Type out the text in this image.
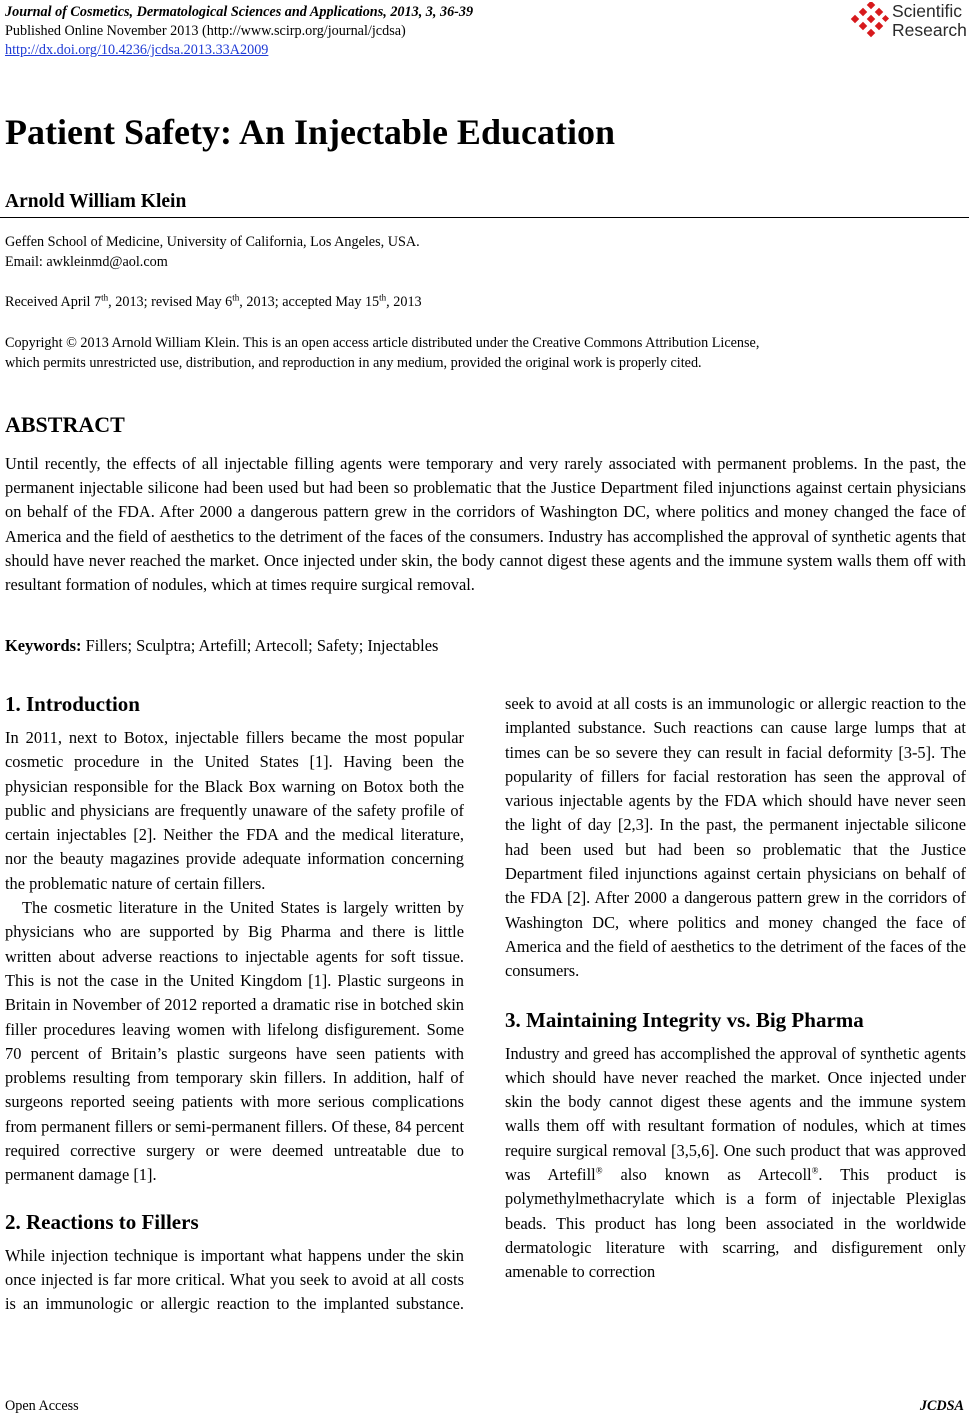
Journal of Cosmetics, Dermatological Sciences and Applications, 2013, 3, 36-39
Published Online November 2013 (http://www.scirp.org/journal/jcdsa)
http://dx.doi.org/10.4236/jcdsa.2013.33A2009
Scientific
Research
Patient Safety: An Injectable Education
Arnold William Klein
Geffen School of Medicine, University of California, Los Angeles, USA.
Email: awkleinmd@aol.com
Received April 7th, 2013; revised May 6th, 2013; accepted May 15th, 2013
Copyright © 2013 Arnold William Klein. This is an open access article distributed under the Creative Commons Attribution License,
which permits unrestricted use, distribution, and reproduction in any medium, provided the original work is properly cited.
ABSTRACT
Until recently, the effects of all injectable filling agents were temporary and very rarely associated with permanent problems. In the past, the permanent injectable silicone had been used but had been so problematic that the Justice Department filed injunctions against certain physicians on behalf of the FDA. After 2000 a dangerous pattern grew in the corridors of Washington DC, where politics and money changed the face of America and the field of aesthetics to the detriment of the faces of the consumers. Industry has accomplished the approval of synthetic agents that should have never reached the market. Once injected under skin, the body cannot digest these agents and the immune system walls them off with resultant formation of nodules, which at times require surgical removal.
Keywords: Fillers; Sculptra; Artefill; Artecoll; Safety; Injectables
1. Introduction

In 2011, next to Botox, injectable fillers became the most popular cosmetic procedure in the United States [1]. Having been the physician responsible for the Black Box warning on Botox both the public and physicians are frequently unaware of the safety profile of certain injectables [2]. Neither the FDA and the medical literature, nor the beauty magazines provide adequate information concerning the problematic nature of certain fillers.

The cosmetic literature in the United States is largely written by physicians who are supported by Big Pharma and there is little written about adverse reactions to injectable agents for soft tissue. This is not the case in the United Kingdom [1]. Plastic surgeons in Britain in November of 2012 reported a dramatic rise in botched skin filler procedures leaving women with lifelong disfigurement. Some 70 percent of Britain’s plastic surgeons have seen patients with problems resulting from temporary skin fillers. In addition, half of surgeons reported seeing patients with more serious complications from permanent fillers or semi-permanent fillers. Of these, 84 percent required corrective surgery or were deemed untreatable due to permanent damage [1].

2. Reactions to Fillers

While injection technique is important what happens under the skin once injected is far more critical. What you seek to avoid at all costs is an immunologic or allergic reaction to the implanted substance.

seek to avoid at all costs is an immunologic or allergic reaction to the implanted substance. Such reactions can cause large lumps that at times can be so severe they can result in facial deformity [3-5]. The popularity of fillers for facial restoration has seen the approval of various injectable agents by the FDA which should have never seen the light of day [2,3]. In the past, the permanent injectable silicone had been used but had been so problematic that the Justice Department filed injunctions against certain physicians on behalf of the FDA [2]. After 2000 a dangerous pattern grew in the corridors of Washington DC, where politics and money changed the face of America and the field of aesthetics to the detriment of the faces of the consumers.

3. Maintaining Integrity vs. Big Pharma

Industry and greed has accomplished the approval of synthetic agents which should have never reached the market. Once injected under skin the body cannot digest these agents and the immune system walls them off with resultant formation of nodules, which at times require surgical removal [3,5,6]. One such product that was approved was Artefill® also known as Artecoll®. This product is polymethylmethacrylate which is a form of injectable Plexiglas beads. This product has long been associated in the worldwide dermatologic literature with scarring, and disfigurement only amenable to correction

Open Access	JCDSA
